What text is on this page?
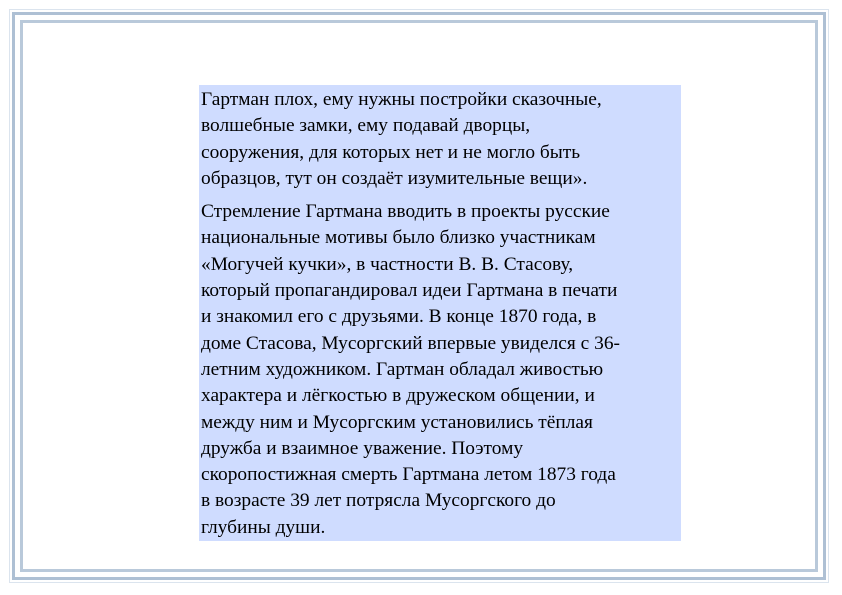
Гартман плох, ему нужны постройки сказочные,
волшебные замки, ему подавай дворцы,
сооружения, для которых нет и не могло быть
образцов, тут он создаёт изумительные вещи».

Стремление Гартмана вводить в проекты русские
национальные мотивы было близко участникам
«Могучей кучки», в частности В. В. Стасову,
который пропагандировал идеи Гартмана в печати
и знакомил его с друзьями. В конце 1870 года, в
доме Стасова, Мусоргский впервые увиделся с 36-
летним художником. Гартман обладал живостью
характера и лёгкостью в дружеском общении, и
между ним и Мусоргским установились тёплая
дружба и взаимное уважение. Поэтому
скоропостижная смерть Гартмана летом 1873 года
в возрасте 39 лет потрясла Мусоргского до
глубины души.
